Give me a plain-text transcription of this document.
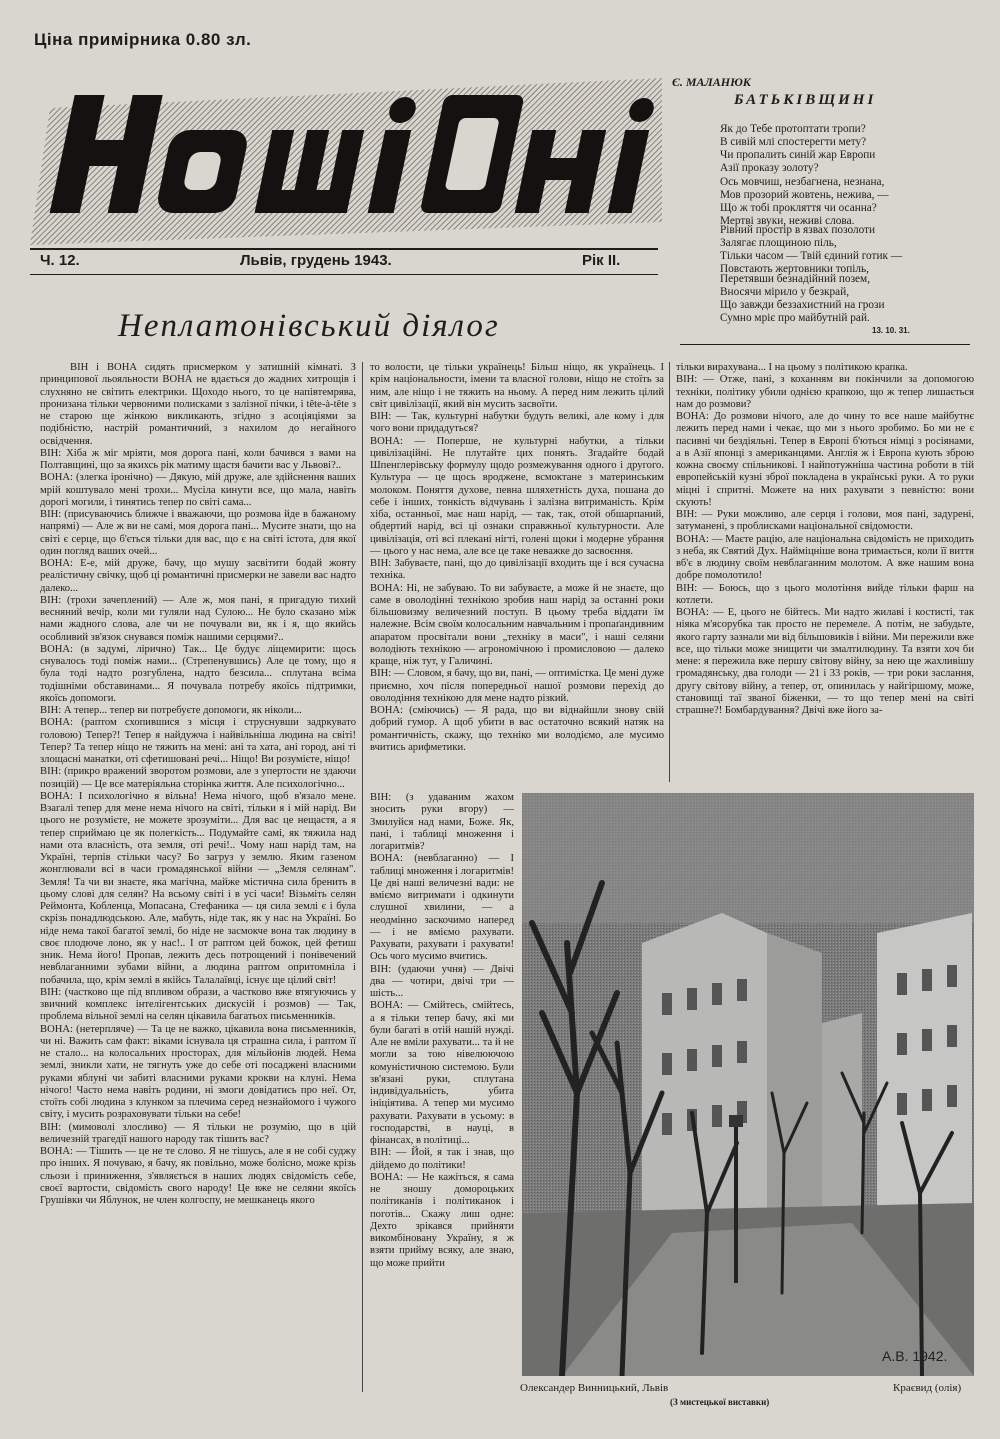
Ціна примірника 0.80 зл.
Ч. 12.	Львів, грудень 1943.	Рік II.
Є. МАЛАНЮК
БАТЬКІВЩИНІ
Як до Тебе протоптати тропи?
В сивій млі спостерегти мету?
Чи пропалить синій жар Европи
Азії проказу золоту?
Ось мовчиш, незбагнена, незнана,
Мов прозорий жовтень, нежива, —
Що ж тобі прокляття чи осанна?
Мертві звуки, неживі слова.
Рівний простір в язвах позолоти
Залягає площиною піль,
Тільки часом — Твій єдиний готик —
Повстають жертовники топіль,
Перетявши безнадійний позем,
Вносячи мірило у безкрай,
Що завжди беззахистний на грози
Сумно мріє про майбутній рай.
13. 10. 31.
Неплатонівський діялог

ВІН і ВОНА сидять присмерком у затишній кімнаті. З принципової льояльности ВОНА не вдається до жадних хитрощів і слухняно не світить електрики. Щоходо нього, то це напівтемрява, пронизана тільки червоними полисками з залізної пічки, і tête-à-tête з не старою ще жінкою викликають, згідно з асоціяціями за подібністю, настрій романтичний, з нахилом до негайного освідчення.

ВІН: Хіба ж міг мріяти, моя дорога пані, коли бачився з вами на Полтавщині, що за якихсь рік матиму щастя бачити вас у Львові?..

ВОНА: (злегка іронічно) — Дякую, мій друже, але здійснення ваших мрій коштувало мені трохи... Мусіла кинути все, що мала, навіть дорогі могили, і тинятись тепер по світі сама...

ВІН: (присуваючись ближче і вважаючи, що розмова йде в бажаному напрямі) — Але ж ви не самі, моя дорога пані... Мусите знати, що на світі є серце, що б'ється тільки для вас, що є на світі істота, для якої один погляд ваших очей...

ВОНА: Е-е, мій друже, бачу, що мушу засвітити бодай жовту реалістичну свічку, щоб ці романтичні присмерки не завели вас надто далеко...

ВІН: (трохи зачеплений) — Але ж, моя пані, я пригадую тихий весняний вечір, коли ми гуляли над Сулою... Не було сказано між нами жадного слова, але чи не почували ви, як і я, що якийсь особливий зв'язок снувався поміж нашими серцями?..

ВОНА: (в задумі, ліричнo) Так... Це будує ліщемирити: щось снувалось тоді поміж нами... (Стрепенувшись) Але це тому, що я була тоді надто розгублена, надто безсила... сплутана всіма тодішніми обставинами... Я почувала потребу якоїсь підтримки, якоїсь допомоги.

ВІН: А тепер... тепер ви потребуєте допомоги, як ніколи...

ВОНА: (рaптом схопившися з місця і струснувши задркуватo головою) Тепер?! Тепер я найдужча і найвільніша людина на світі! Тепер? Та тепер ніщо не тяжить на мені: ані та хата, ані город, ані ті злощасні манатки, оті сфетишовані речі... Ніщо! Ви розумієте, ніщо!

ВІН: (прикро вражений зворотом розмови, але з упертости не здаючи позицій) — Це все матеріяльна сторінка життя. Але психологічно...

ВОНА: І психологічно я вільна! Нема нічого, щоб в'язало мене. Взагалі тепер для мене нема нічого на світі, тільки я і мій нарід. Ви цього не розумієте, не можете зрозуміти... Для вас це нещастя, а я тепер сприймаю це як полегкість... Подумайте самі, як тяжила над нами ота власність, ота земля, оті речі!.. Чому наш нарід там, на Україні, терпів стільки часу? Бо загруз у землю. Яким газеном жонглювали всі в часи громадянської війни — „Земля селянам". Земля! Та чи ви знаєте, яка магічна, майже містична сила бренить в цьому слові для селян? На всьому світі і в усі часи! Візьміть селян Реймонта, Кобленца, Мопасана, Стефаника — ця сила землі є і була скрізь понадлюдською. Але, мабуть, ніде так, як у нас на Україні. Бо ніде нема такої багатої землі, бо ніде не засмокче вона так людину в своє плодюче лоно, як у нас!.. І от раптом цей божок, цей фетиш зник. Нема його! Пропав, лежить десь потрощений і понівечений невблаганними зубами війни, а людина раптом опритомніла і побачила, що, крім землі в якійсь Талалаївці, існує ще цілий світ!

ВІН: (частково ще під впливом образи, а частково вже втягуючись у звичний комплекс інтелігентських дискусій і розмов) — Так, проблема вільної землі на селян цікавила багатьох письменників.

ВОНА: (нетерпляче) — Та це не важко, цікавила вона письменників, чи ні. Важить сам факт: віками існувала ця страшна сила, і раптом її не стало... на колосальних просторах, для мільйонів людей. Нема землі, зникли хати, не тягнуть уже до себе оті посаджені власними руками яблуні чи забиті власними руками крокви на клуні. Нема нічого! Часто нема навіть родини, ні змоги довідатись про неї. От, стоїть собі людина з клунком за плечима серед незнайомого і чужого світу, і мусить розраховувати тільки на себе!

ВІН: (мимоволі злосливо) — Я тільки не розумію, що в цій величезній трагедії нашого народу так тішить вас?

ВОНА: — Тішить — це не те слово. Я не тішусь, але я не собі суджу про інших. Я почуваю, я бачу, як повільно, може болісно, може крізь сльози і приниження, з'являється в наших людях свідомість себе, своєї вартости, свідомість свого народу! Це вже не селяни якоїсь Грушівки чи Яблунок, не член колгоспу, не мешканець якогo

то волости, це тільки українець! Більш ніщо, як українець. І крім національности, імени та власної голови, ніщо не стоїть за ним, але ніщо і не тяжить на ньому. А перед ним лежить цілий світ цивілізації, який він мусить засвоїти.

ВІН: — Так, культурні набутки будуть великі, але кому і для чого вони придадуться?

ВОНА: — Поперше, не культурні набутки, а тільки цивілізаційні. Не плутайте цих понять. Згадайте бодай Шпенглерівську формулу щодо розмежування одного і другого. Культура — це щось вроджене, всмоктане з материнським молоком. Поняття духове, певна шляхетність духа, пошана до себе і інших, тонкість відчувань і залізна витриманість. Крім хіба, останньої, має наш нарід, — так, так, отой обшарпаний, обдертий нарід, всі ці ознаки справжньої культурности. Але цивілізація, оті всі плекані нігті, голені щоки і модерне убрання — цього у нас нема, але все це таке неважке до засвоєння.

ВІН: Забуваєте, пані, що до цивілізації входить ще і вся сучасна техніка.

ВОНА: Ні, не забуваю. То ви забуваєте, а може й не знаєте, що саме в оволодінні технікою зробив наш нарід за останні роки більшовизму величезний поступ. В цьому треба віддати їм належне. Всім своїм колосальним навчальним і пропаґандивним апаратом просвітали вони „техніку в маси", і наші селяни володіють технікою — агрономічною і промисловою — далеко краще, ніж тут, у Галичині.

ВІН: — Словом, я бачу, що ви, пані, — оптимістка. Це мені дуже приємно, хоч після попередньої нашої розмови перехід до оволодіння технікою для мене надто різкий.

ВОНА: (сміючись) — Я рада, що ви віднайшли знову свій добрий гумор. А щоб убити в вас остаточно всякий натяк на романтичність, скажу, що техніко ми володіємо, але мусимо вчитись арифметики.

ВІН: (з удаваним жахом зносить руки вгору) — Змилуйся над нами, Боже. Як, пані, і таблиці множення і логаритмів?

ВОНА: (невблаганно) — І таблиці множення і логаритмів! Це дві наші величезні вади: не вміємо витримати і одкинути слушної хвилини, — а неодмінно заскочимо наперед — і не вміємо рахувати. Рахувати, рахувати і рахувати! Ось чого мусимо вчитись.

ВІН: (удаючи учня) — Двічі два — чотири, двічі три — шість...

ВОНА: — Смійтесь, смійтесь, а я тільки тепер бачу, які ми були багаті в отій нашій нужді. Але не вміли рахувати... та й не могли за тою нівелюючою комуністичною системою. Були зв'язані руки, сплутана індивідуальність, убита ініціятива. А тепер ми мусимо рахувати. Рахувати в усьому: в господарстві, в науці, в фінансах, в політиці...

ВІН: — Йой, я так і знав, що дійдемо до політики!

ВОНА: — Не кажіться, я сама не зношу домороцьких політиканів і політиканок і поготів... Скажу лиш одне: Дехто зрікався прийняти викомбінованy Україну, я ж взяти прийму всяку, але знаю, що може прийти

тільки вирахувана... І на цьому з політикою крапка.

ВІН: — Отже, пані, з коханням ви покінчили за допомогою техніки, політику убили однією крапкою, що ж тепер лишається нам до розмови?

ВОНА: До розмови нічого, але до чину то все наше майбутнє лежить перед нами і чекає, що ми з нього зробимо. Бо ми не є пасивні чи бездіяльні. Тепер в Европі б'ються німці з росіянами, а в Азії японці з американцями. Англія ж і Европа кують зброю кожна своєму спільникові. І найпотужніша частина роботи в тій европейській кузні зброї покладена в українські руки. А то руки міцні і спритні. Можете на них рахувати з певністю: вони скують!

ВІН: — Руки можливо, але серця і голови, моя пані, задурені, затуманені, з проблисками національної свідомости.

ВОНА: — Маєте рацію, але національна свідомість не приходить з неба, як Святий Дух. Найміцніше вона тримається, коли її виття вб'є в людину своїм невблаганним молотом. А вже нашим вона добре помолотило!

ВІН: — Боюсь, що з цього молотіння вийде тільки фарш на котлети.

ВОНА: — Е, цього не бійтесь. Ми надто жилаві і костисті, так ніяка м'ясорубка так просто не перемеле. А потім, не забудьте, якого гарту зазнали ми від більшовиків і війни. Ми пережили вже все, що тільки може знищити чи змалтилюдину. Та взяти хоч би мене: я пережила вже першу світову війну, за нею ще жахливішу громадянську, два голоди — 21 і 33 років, — три роки заслання, другу світову війну, а тепер, от, опинилась у найгіршому, може, становищі таї званої біженки, — то що тепер мені на світі страшне?! Бомбардування? Двічі вже його за-

А.В. 1942.
Олександер Винницький, Львів	Краєвид (олія)
(З мистецької виставки)
